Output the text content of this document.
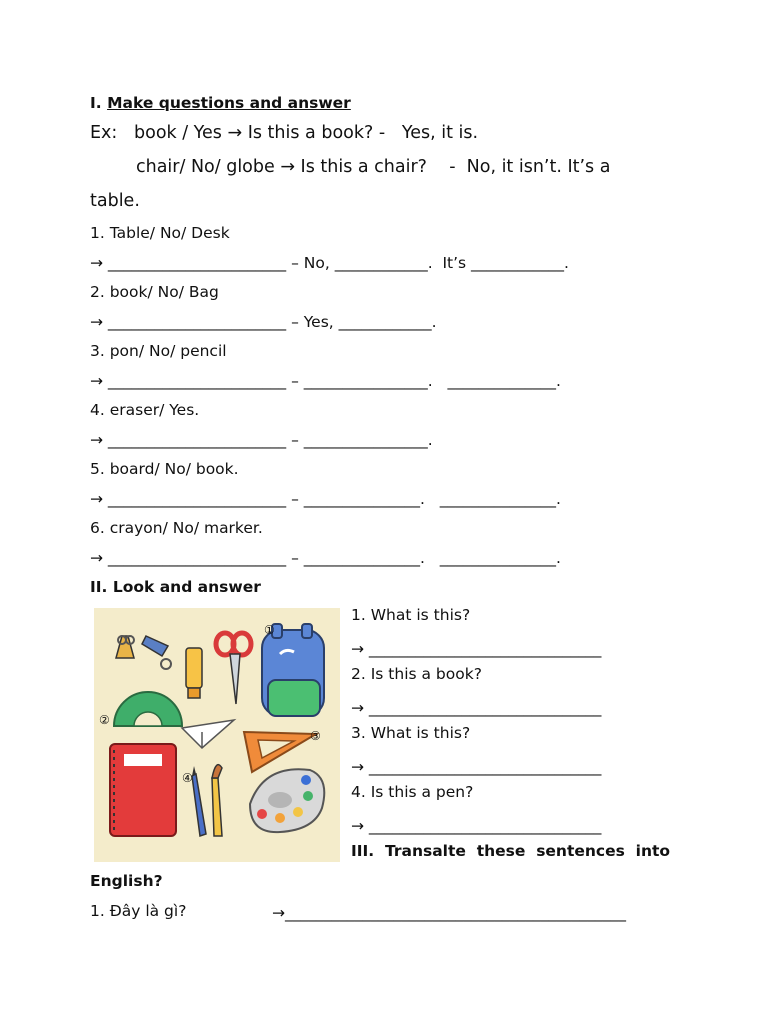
I. Make questions and answer
Ex:   book / Yes → Is this a book? -   Yes, it is.
chair/ No/ globe → Is this a chair?    -  No, it isn’t. It’s a
table.
1. Table/ No/ Desk
→ _______________________ – No, ____________.  It’s ____________.
2. book/ No/ Bag
→ _______________________ – Yes, ____________.
3. pon/ No/ pencil
→ _______________________ – ________________.   ______________.
4. eraser/ Yes.
→ _______________________ – ________________.
5. board/ No/ book.
→ _______________________ – _______________.   _______________.
6. crayon/ No/ marker.
→ _______________________ – _______________.   _______________.
II. Look and answer
①
②
③
④
1. What is this?
→ ______________________________
2. Is this a book?
→ ______________________________
3. What is this?
→ ______________________________
4. Is this a pen?
→ ______________________________
III.  Transalte  these  sentences  into
English?
1. Đây là gì?	→____________________________________________
